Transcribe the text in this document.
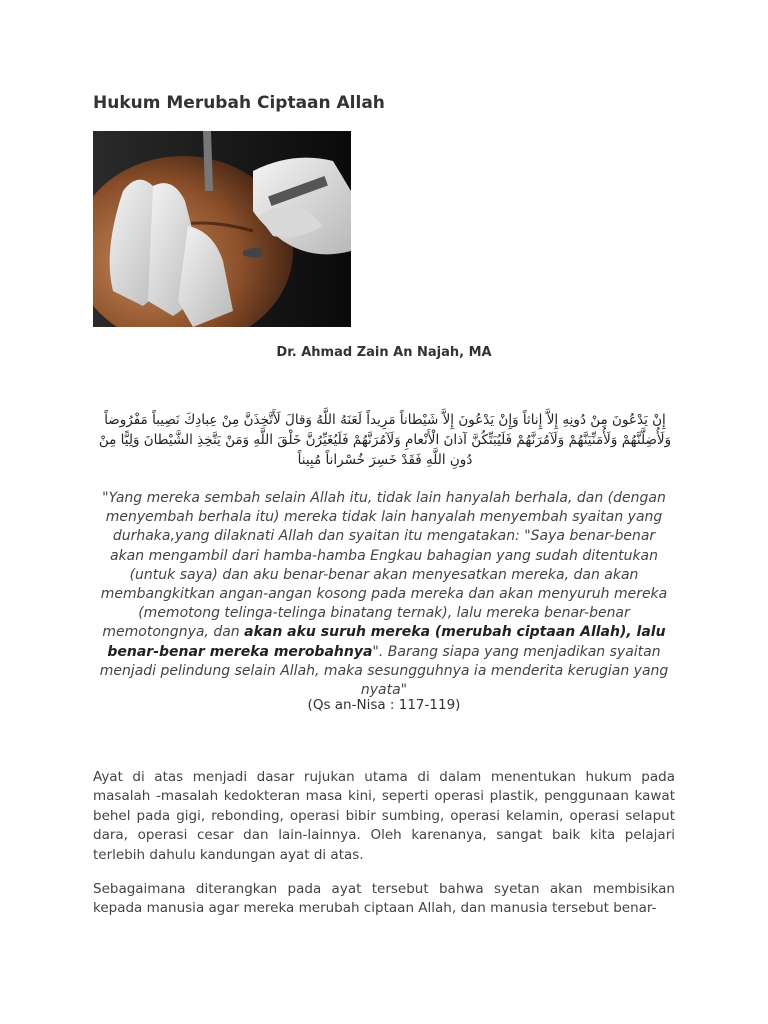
Hukum Merubah Ciptaan Allah
Dr. Ahmad Zain An Najah, MA
إِنْ يَدْعُونَ مِنْ دُونِهِ إِلاَّ إِناثاً وَإِنْ يَدْعُونَ إِلاَّ شَيْطاناً مَرِيداً لَعَنَهُ اللَّهُ وَقالَ لَأَتَّخِذَنَّ مِنْ عِبادِكَ نَصِيباً مَفْرُوضاً وَلَأُضِلَّنَّهُمْ وَلَأُمَنِّيَنَّهُمْ وَلَآمُرَنَّهُمْ فَلَيُبَتِّكُنَّ آذانَ الْأَنْعامِ وَلَآمُرَنَّهُمْ فَلَيُغَيِّرُنَّ خَلْقَ اللَّهِ وَمَنْ يَتَّخِذِ الشَّيْطانَ وَلِيًّا مِنْ دُونِ اللَّهِ فَقَدْ خَسِرَ خُسْراناً مُبِيناً
"Yang mereka sembah selain Allah itu, tidak lain hanyalah berhala, dan (dengan menyembah berhala itu) mereka tidak lain hanyalah menyembah syaitan yang durhaka,yang dilaknati Allah dan syaitan itu mengatakan: "Saya benar-benar akan mengambil dari hamba-hamba Engkau bahagian yang sudah ditentukan (untuk saya) dan aku benar-benar akan menyesatkan mereka, dan akan membangkitkan angan-angan kosong pada mereka dan akan menyuruh mereka (memotong telinga-telinga binatang ternak), lalu mereka benar-benar memotongnya, dan akan aku suruh mereka (merubah ciptaan Allah), lalu benar-benar mereka merobahnya". Barang siapa yang menjadikan syaitan menjadi pelindung selain Allah, maka sesungguhnya ia menderita kerugian yang nyata"
(Qs an-Nisa : 117-119)

Ayat di atas menjadi dasar rujukan utama di dalam menentukan hukum pada masalah -masalah kedokteran masa kini, seperti operasi plastik, penggunaan kawat behel pada gigi, rebonding, operasi bibir sumbing, operasi kelamin, operasi selaput dara, operasi cesar dan lain-lainnya. Oleh karenanya, sangat baik kita pelajari terlebih dahulu kandungan ayat di atas.

Sebagaimana diterangkan pada ayat tersebut bahwa syetan akan membisikan kepada manusia agar mereka merubah ciptaan Allah, dan manusia tersebut benar-
